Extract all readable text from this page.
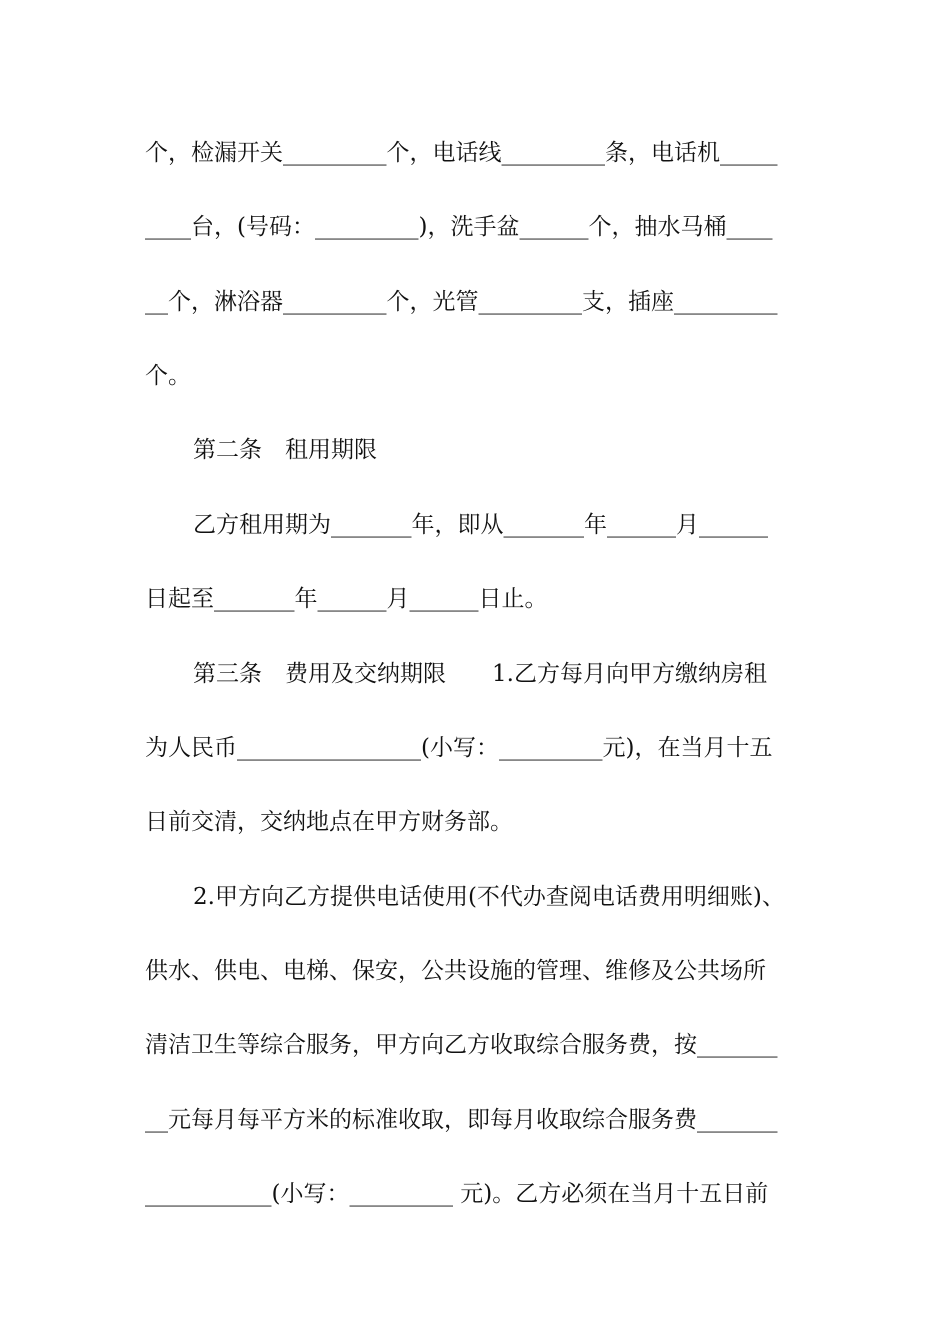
个，检漏开关_________个，电话线_________条，电话机_____
____台，(号码：_________)，洗手盆______个，抽水马桶____
__个，淋浴器_________个，光管_________支，插座_________
个。
第二条　租用期限
乙方租用期为_______年，即从_______年______月______
日起至_______年______月______日止。
第三条　费用及交纳期限　　1.乙方每月向甲方缴纳房租
为人民币________________(小写：_________元)，在当月十五
日前交清，交纳地点在甲方财务部。
2.甲方向乙方提供电话使用(不代办查阅电话费用明细账)、
供水、供电、电梯、保安，公共设施的管理、维修及公共场所
清洁卫生等综合服务，甲方向乙方收取综合服务费，按_______
__元每月每平方米的标准收取，即每月收取综合服务费_______
___________(小写：_________ 元)。乙方必须在当月十五日前
